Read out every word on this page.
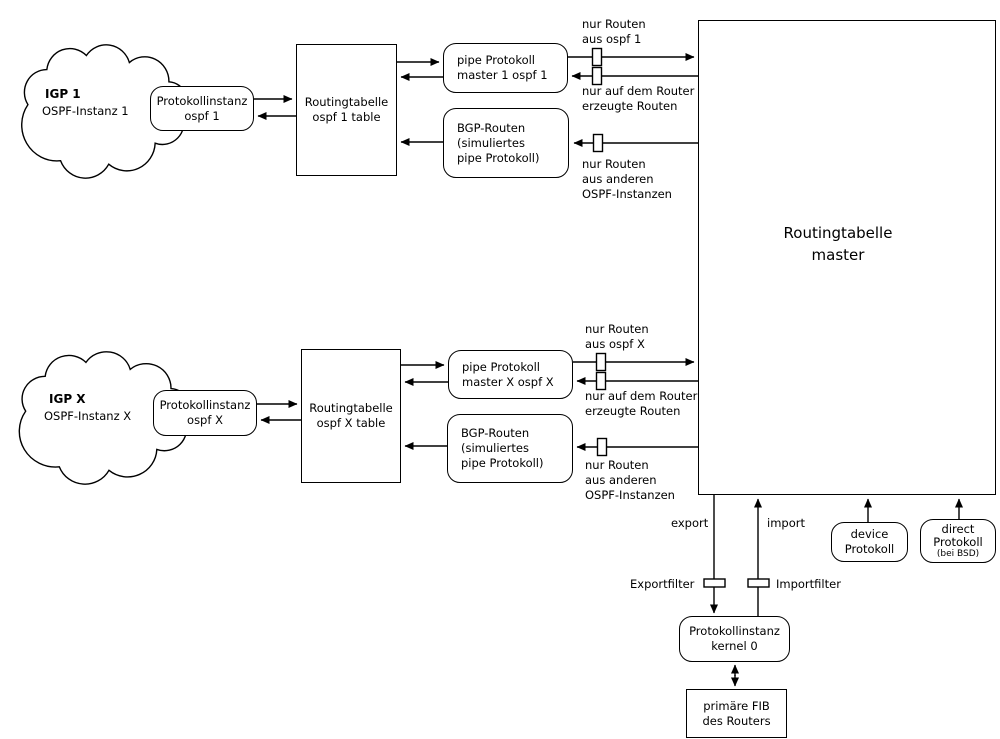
IGP 1
OSPF-Instanz 1
IGP X
OSPF-Instanz X
Protokollinstanz
ospf 1
Routingtabelle
ospf 1 table
pipe Protokoll
master 1 ospf 1
BGP-Routen
(simuliertes
pipe Protokoll)
Protokollinstanz
ospf X
Routingtabelle
ospf X table
pipe Protokoll
master X ospf X
BGP-Routen
(simuliertes
pipe Protokoll)
Routingtabelle
master
Protokollinstanz
kernel 0
primäre FIB
des Routers
device
Protokoll
direct
Protokoll
(bei BSD)
nur Routen
aus ospf 1
nur auf dem Router
erzeugte Routen
nur Routen
aus anderen
OSPF-Instanzen
nur Routen
aus ospf X
nur auf dem Router
erzeugte Routen
nur Routen
aus anderen
OSPF-Instanzen
export	import
Exportfilter	Importfilter
